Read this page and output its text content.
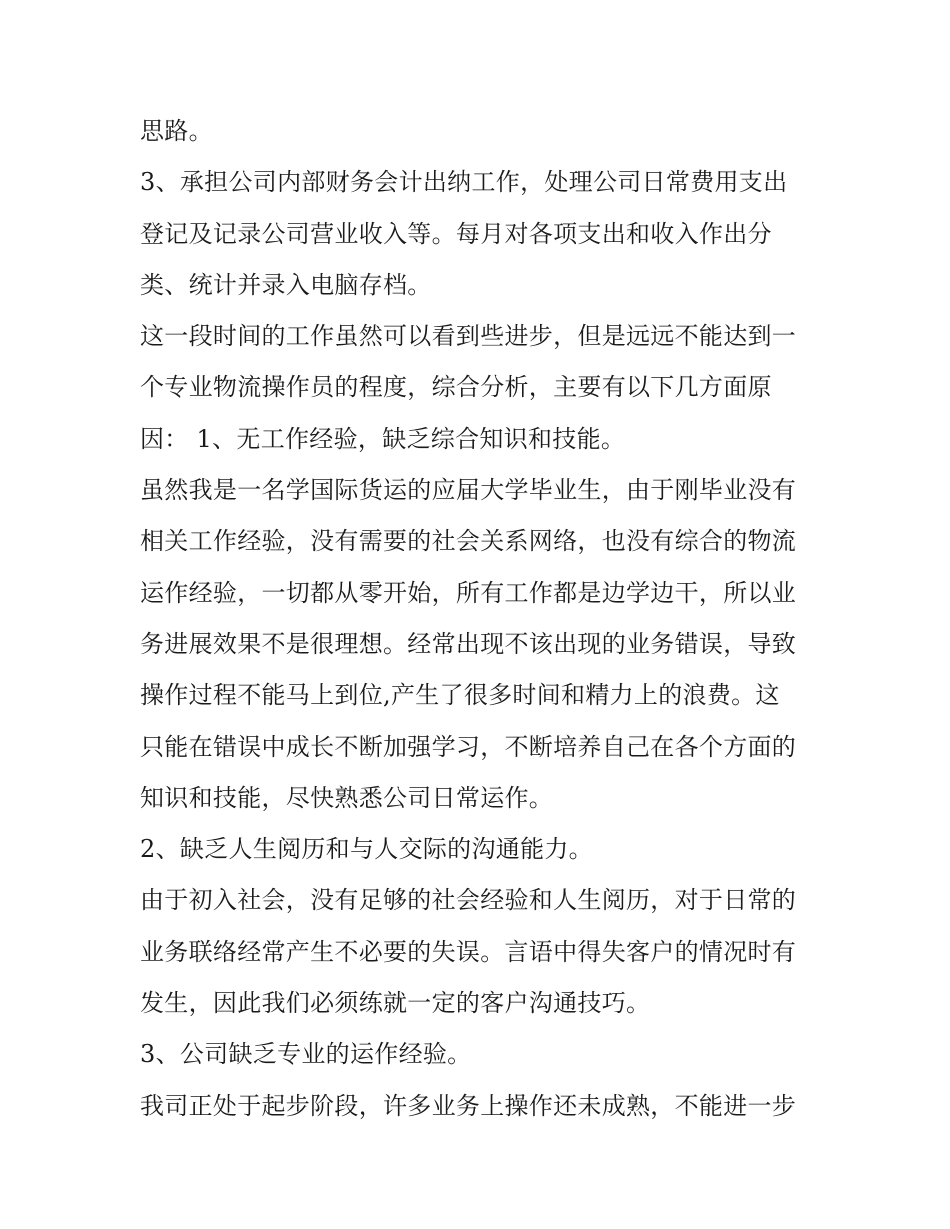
思路。
3、承担公司内部财务会计出纳工作，处理公司日常费用支出
登记及记录公司营业收入等。每月对各项支出和收入作出分
类、统计并录入电脑存档。
这一段时间的工作虽然可以看到些进步，但是远远不能达到一
个专业物流操作员的程度，综合分析，主要有以下几方面原
因： 1、无工作经验，缺乏综合知识和技能。
虽然我是一名学国际货运的应届大学毕业生，由于刚毕业没有
相关工作经验，没有需要的社会关系网络，也没有综合的物流
运作经验，一切都从零开始，所有工作都是边学边干，所以业
务进展效果不是很理想。经常出现不该出现的业务错误，导致
操作过程不能马上到位,产生了很多时间和精力上的浪费。这
只能在错误中成长不断加强学习，不断培养自己在各个方面的
知识和技能，尽快熟悉公司日常运作。
2、缺乏人生阅历和与人交际的沟通能力。
由于初入社会，没有足够的社会经验和人生阅历，对于日常的
业务联络经常产生不必要的失误。言语中得失客户的情况时有
发生，因此我们必须练就一定的客户沟通技巧。
3、公司缺乏专业的运作经验。
我司正处于起步阶段，许多业务上操作还未成熟，不能进一步
